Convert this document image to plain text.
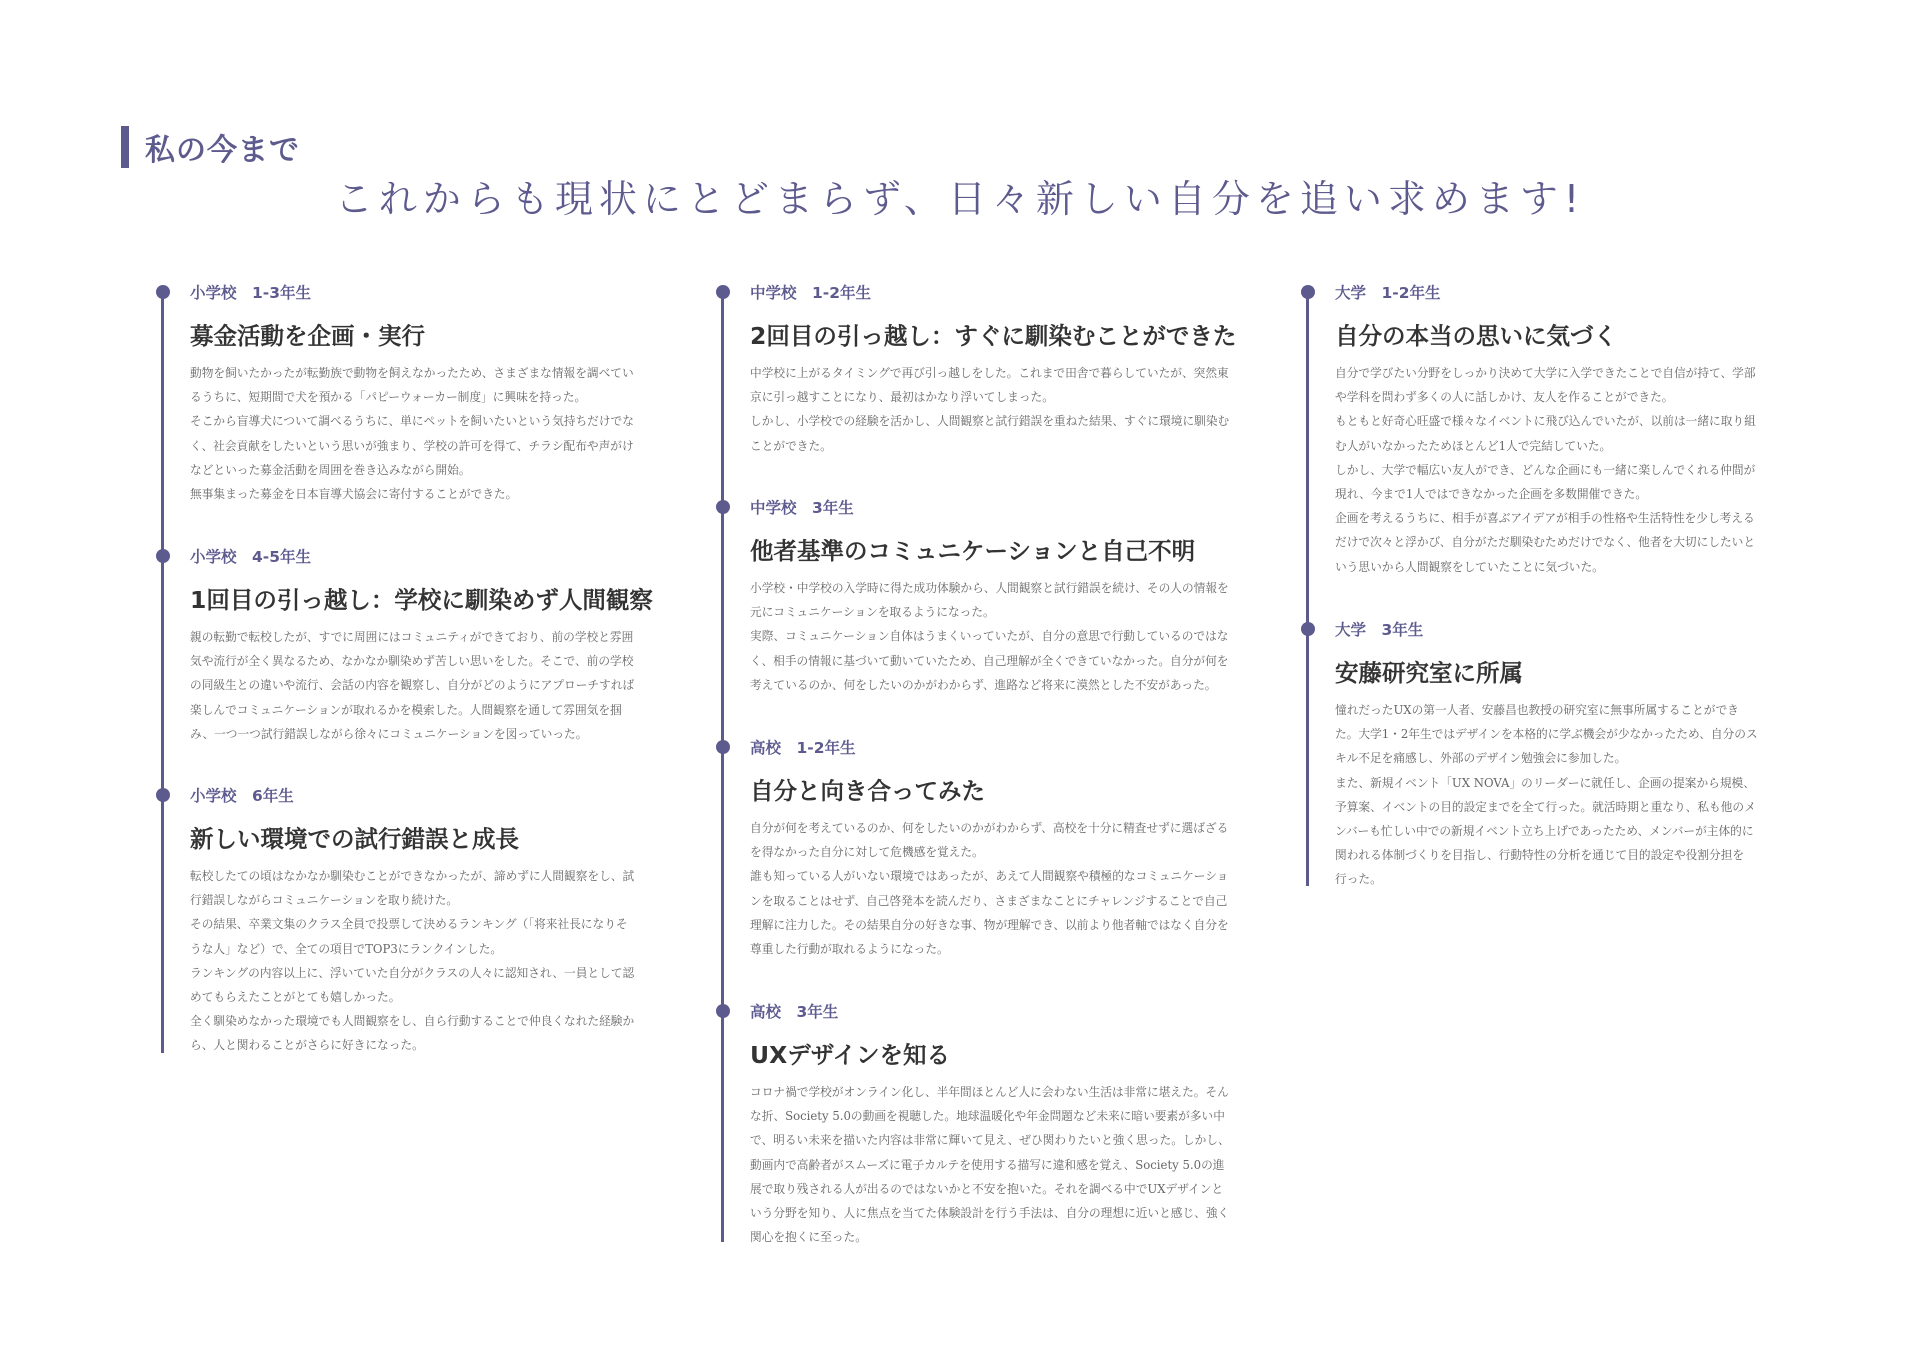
私の今まで
これからも現状にとどまらず、日々新しい自分を追い求めます!
小学校　1-3年生
募金活動を企画・実行

動物を飼いたかったが転勤族で動物を飼えなかったため、さまざまな情報を調べてい

るうちに、短期間で犬を預かる「パピーウォーカー制度」に興味を持った。

そこから盲導犬について調べるうちに、単にペットを飼いたいという気持ちだけでな

く、社会貢献をしたいという思いが強まり、学校の許可を得て、チラシ配布や声がけ

などといった募金活動を周囲を巻き込みながら開始。

無事集まった募金を日本盲導犬協会に寄付することができた。

小学校　4-5年生
1回目の引っ越し：学校に馴染めず人間観察

親の転勤で転校したが、すでに周囲にはコミュニティができており、前の学校と雰囲

気や流行が全く異なるため、なかなか馴染めず苦しい思いをした。そこで、前の学校

の同級生との違いや流行、会話の内容を観察し、自分がどのようにアプローチすれば

楽しんでコミュニケーションが取れるかを模索した。人間観察を通して雰囲気を掴

み、一つ一つ試行錯誤しながら徐々にコミュニケーションを図っていった。

小学校　6年生
新しい環境での試行錯誤と成長

転校したての頃はなかなか馴染むことができなかったが、諦めずに人間観察をし、試

行錯誤しながらコミュニケーションを取り続けた。

その結果、卒業文集のクラス全員で投票して決めるランキング（「将来社長になりそ

うな人」など）で、全ての項目でTOP3にランクインした。

ランキングの内容以上に、浮いていた自分がクラスの人々に認知され、一員として認

めてもらえたことがとても嬉しかった。

全く馴染めなかった環境でも人間観察をし、自ら行動することで仲良くなれた経験か

ら、人と関わることがさらに好きになった。

中学校　1-2年生
2回目の引っ越し：すぐに馴染むことができた

中学校に上がるタイミングで再び引っ越しをした。これまで田舎で暮らしていたが、突然東

京に引っ越すことになり、最初はかなり浮いてしまった。

しかし、小学校での経験を活かし、人間観察と試行錯誤を重ねた結果、すぐに環境に馴染む

ことができた。

中学校　3年生
他者基準のコミュニケーションと自己不明

小学校・中学校の入学時に得た成功体験から、人間観察と試行錯誤を続け、その人の情報を

元にコミュニケーションを取るようになった。

実際、コミュニケーション自体はうまくいっていたが、自分の意思で行動しているのではな

く、相手の情報に基づいて動いていたため、自己理解が全くできていなかった。自分が何を

考えているのか、何をしたいのかがわからず、進路など将来に漠然とした不安があった。

高校　1-2年生
自分と向き合ってみた

自分が何を考えているのか、何をしたいのかがわからず、高校を十分に精査せずに選ばざる

を得なかった自分に対して危機感を覚えた。

誰も知っている人がいない環境ではあったが、あえて人間観察や積極的なコミュニケーショ

ンを取ることはせず、自己啓発本を読んだり、さまざまなことにチャレンジすることで自己

理解に注力した。その結果自分の好きな事、物が理解でき、以前より他者軸ではなく自分を

尊重した行動が取れるようになった。

高校　3年生
UXデザインを知る

コロナ禍で学校がオンライン化し、半年間ほとんど人に会わない生活は非常に堪えた。そん

な折、Society 5.0の動画を視聴した。地球温暖化や年金問題など未来に暗い要素が多い中

で、明るい未来を描いた内容は非常に輝いて見え、ぜひ関わりたいと強く思った。しかし、

動画内で高齢者がスムーズに電子カルテを使用する描写に違和感を覚え、Society 5.0の進

展で取り残される人が出るのではないかと不安を抱いた。それを調べる中でUXデザインと

いう分野を知り、人に焦点を当てた体験設計を行う手法は、自分の理想に近いと感じ、強く

関心を抱くに至った。

大学　1-2年生
自分の本当の思いに気づく

自分で学びたい分野をしっかり決めて大学に入学できたことで自信が持て、学部

や学科を問わず多くの人に話しかけ、友人を作ることができた。

もともと好奇心旺盛で様々なイベントに飛び込んでいたが、以前は一緒に取り組

む人がいなかったためほとんど1人で完結していた。

しかし、大学で幅広い友人ができ、どんな企画にも一緒に楽しんでくれる仲間が

現れ、今まで1人ではできなかった企画を多数開催できた。

企画を考えるうちに、相手が喜ぶアイデアが相手の性格や生活特性を少し考える

だけで次々と浮かび、自分がただ馴染むためだけでなく、他者を大切にしたいと

いう思いから人間観察をしていたことに気づいた。

大学　3年生
安藤研究室に所属

憧れだったUXの第一人者、安藤昌也教授の研究室に無事所属することができ

た。大学1・2年生ではデザインを本格的に学ぶ機会が少なかったため、自分のス

キル不足を痛感し、外部のデザイン勉強会に参加した。

また、新規イベント「UX NOVA」のリーダーに就任し、企画の提案から規模、

予算案、イベントの目的設定までを全て行った。就活時期と重なり、私も他のメ

ンバーも忙しい中での新規イベント立ち上げであったため、メンバーが主体的に

関われる体制づくりを目指し、行動特性の分析を通じて目的設定や役割分担を

行った。
